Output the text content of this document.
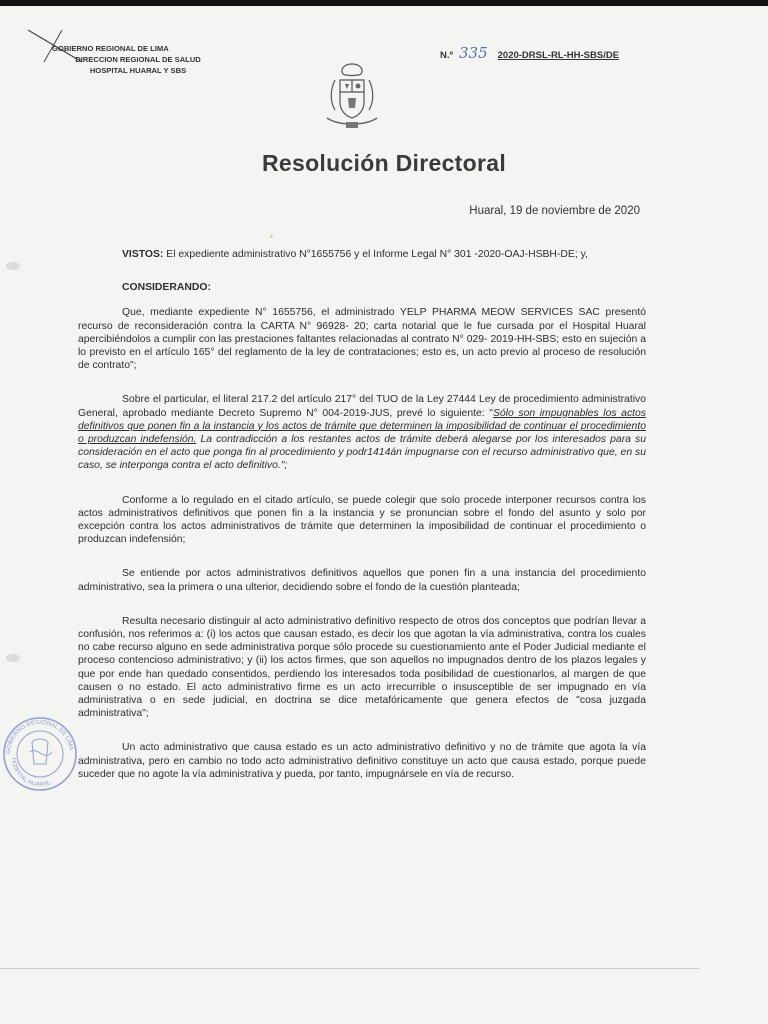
GOBIERNO REGIONAL DE LIMA
DIRECCION REGIONAL DE SALUD
HOSPITAL HUARAL Y SBS
N.º 335 2020-DRSL-RL-HH-SBS/DE
Resolución Directoral
Huaral, 19 de noviembre de 2020
▪

VISTOS: El expediente administrativo N°1655756 y el Informe Legal N° 301 -2020-OAJ-HSBH-DE; y,

CONSIDERANDO:

Que, mediante expediente N° 1655756, el administrado YELP PHARMA MEOW SERVICES SAC presentó recurso de reconsideración contra la CARTA N° 96928- 20; carta notarial que le fue cursada por el Hospital Huaral apercibiéndolos a cumplir con las prestaciones faltantes relacionadas al contrato N° 029- 2019-HH-SBS; esto en sujeción a lo previsto en el artículo 165° del reglamento de la ley de contrataciones; esto es, un acto previo al proceso de resolución de contrato";

Sobre el particular, el literal 217.2 del artículo 217° del TUO de la Ley 27444 Ley de procedimiento administrativo General, aprobado mediante Decreto Supremo N° 004-2019-JUS, prevé lo siguiente: "Sólo son impugnables los actos definitivos que ponen fin a la instancia y los actos de trámite que determinen la imposibilidad de continuar el procedimiento o produzcan indefensión. La contradicción a los restantes actos de trámite deberá alegarse por los interesados para su consideración en el acto que ponga fin al procedimiento y podr1414án impugnarse con el recurso administrativo que, en su caso, se interponga contra el acto definitivo.";

Conforme a lo regulado en el citado artículo, se puede colegir que solo procede interponer recursos contra los actos administrativos definitivos que ponen fin a la instancia y se pronuncian sobre el fondo del asunto y solo por excepción contra los actos administrativos de trámite que determinen la imposibilidad de continuar el procedimiento o produzcan indefensión;

Se entiende por actos administrativos definitivos aquellos que ponen fin a una instancia del procedimiento administrativo, sea la primera o una ulterior, decidiendo sobre el fondo de la cuestión planteada;

Resulta necesario distinguir al acto administrativo definitivo respecto de otros dos conceptos que podrían llevar a confusión, nos referimos a: (i) los actos que causan estado, es decir los que agotan la vía administrativa, contra los cuales no cabe recurso alguno en sede administrativa porque sólo procede su cuestionamiento ante el Poder Judicial mediante el proceso contencioso administrativo; y (ii) los actos firmes, que son aquellos no impugnados dentro de los plazos legales y que por ende han quedado consentidos, perdiendo los interesados toda posibilidad de cuestionarlos, al margen de que causen o no estado. El acto administrativo firme es un acto irrecurrible o insusceptible de ser impugnado en vía administrativa o en sede judicial, en doctrina se dice metafóricamente que genera efectos de "cosa juzgada administrativa";

Un acto administrativo que causa estado es un acto administrativo definitivo y no de trámite que agota la vía administrativa, pero en cambio no todo acto administrativo definitivo constituye un acto que causa estado, porque puede suceder que no agote la vía administrativa y pueda, por tanto, impugnársele en vía de recurso.

GOBIERNO REGIONAL DE LIMA
HOSPITAL HUARAL
